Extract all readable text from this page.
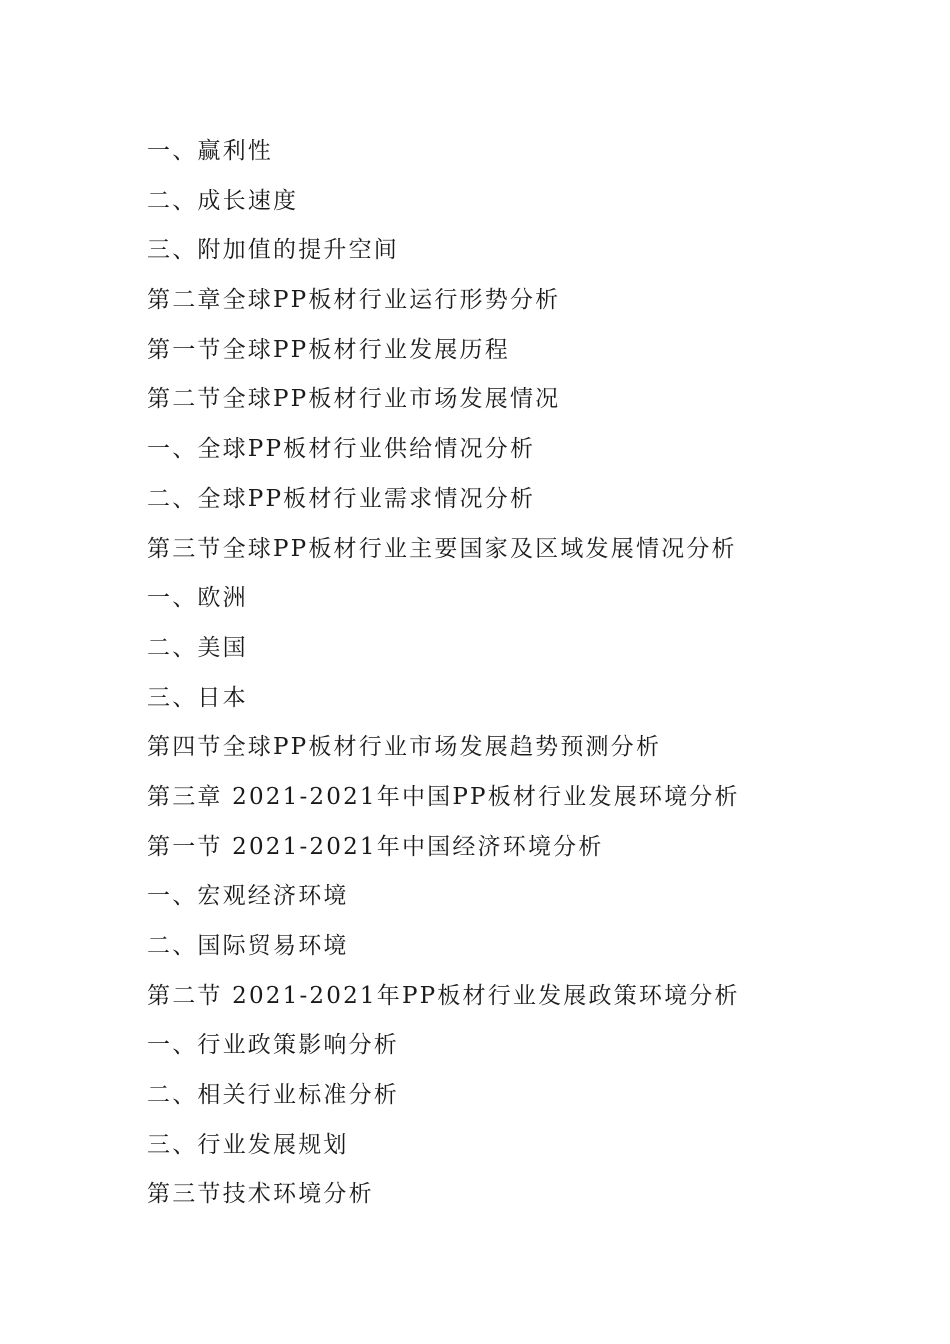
一、赢利性
二、成长速度
三、附加值的提升空间
第二章全球PP板材行业运行形势分析
第一节全球PP板材行业发展历程
第二节全球PP板材行业市场发展情况
一、全球PP板材行业供给情况分析
二、全球PP板材行业需求情况分析
第三节全球PP板材行业主要国家及区域发展情况分析
一、欧洲
二、美国
三、日本
第四节全球PP板材行业市场发展趋势预测分析
第三章 2021-2021年中国PP板材行业发展环境分析
第一节 2021-2021年中国经济环境分析
一、宏观经济环境
二、国际贸易环境
第二节 2021-2021年PP板材行业发展政策环境分析
一、行业政策影响分析
二、相关行业标准分析
三、行业发展规划
第三节技术环境分析
